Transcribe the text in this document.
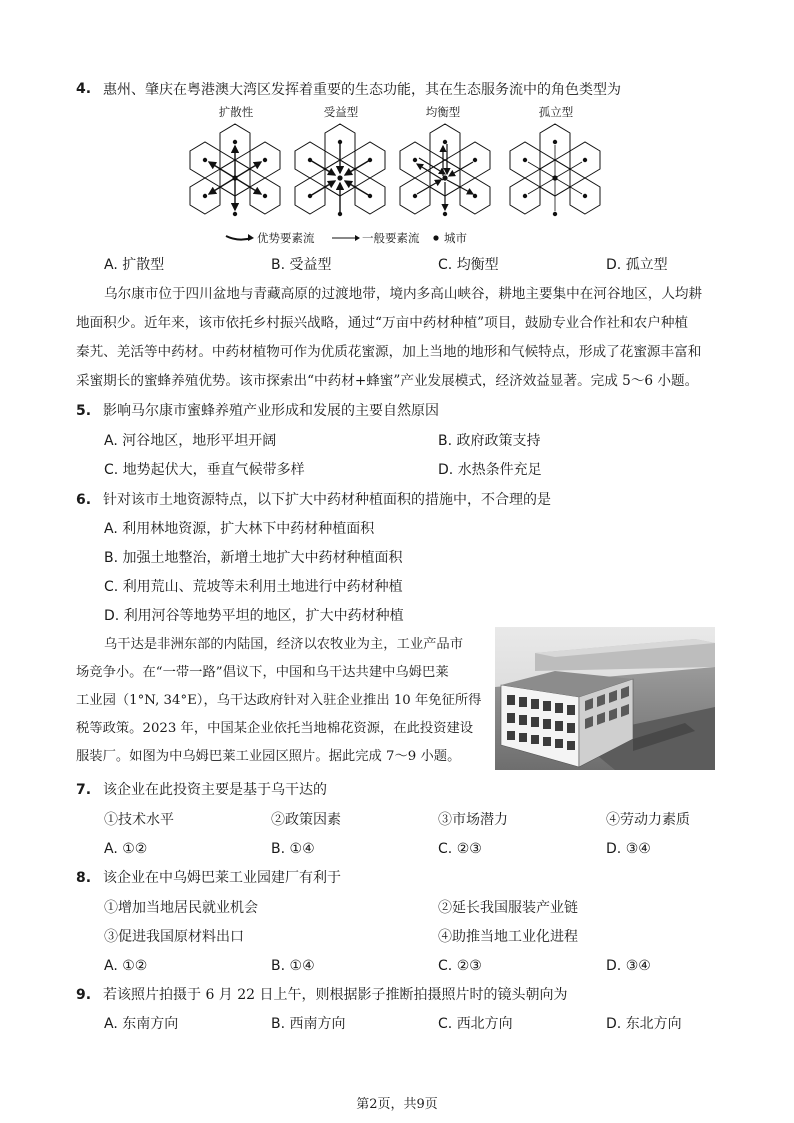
4. 惠州、肇庆在粤港澳大湾区发挥着重要的生态功能，其在生态服务流中的角色类型为
扩散性	受益型	均衡型	孤立型
优势要素流	一般要素流 城市
A. 扩散型	B. 受益型	C. 均衡型	D. 孤立型
乌尔康市位于四川盆地与青藏高原的过渡地带，境内多高山峡谷，耕地主要集中在河谷地区，人均耕
地面积少。近年来，该市依托乡村振兴战略，通过“万亩中药材种植”项目，鼓励专业合作社和农户种植
秦艽、羌活等中药材。中药材植物可作为优质花蜜源，加上当地的地形和气候特点，形成了花蜜源丰富和
采蜜期长的蜜蜂养殖优势。该市探索出“中药材+蜂蜜”产业发展模式，经济效益显著。完成 5～6 小题。
5. 影响马尔康市蜜蜂养殖产业形成和发展的主要自然原因
A. 河谷地区，地形平坦开阔	B. 政府政策支持
C. 地势起伏大，垂直气候带多样	D. 水热条件充足
6. 针对该市土地资源特点，以下扩大中药材种植面积的措施中，不合理的是
A. 利用林地资源，扩大林下中药材种植面积
B. 加强土地整治，新增土地扩大中药材种植面积
C. 利用荒山、荒坡等未利用土地进行中药材种植
D. 利用河谷等地势平坦的地区，扩大中药材种植
乌干达是非洲东部的内陆国，经济以农牧业为主，工业产品市
场竞争小。在“一带一路”倡议下，中国和乌干达共建中乌姆巴莱
工业园（1°N, 34°E），乌干达政府针对入驻企业推出 10 年免征所得
税等政策。2023 年，中国某企业依托当地棉花资源，在此投资建设
服装厂。如图为中乌姆巴莱工业园区照片。据此完成 7～9 小题。
7. 该企业在此投资主要是基于乌干达的
①技术水平	②政策因素	③市场潜力	④劳动力素质
A. ①②	B. ①④	C. ②③	D. ③④
8. 该企业在中乌姆巴莱工业园建厂有利于
①增加当地居民就业机会	②延长我国服装产业链
③促进我国原材料出口	④助推当地工业化进程
A. ①②	B. ①④	C. ②③	D. ③④
9. 若该照片拍摄于 6 月 22 日上午，则根据影子推断拍摄照片时的镜头朝向为
A. 东南方向	B. 西南方向	C. 西北方向	D. 东北方向
第2页，共9页
